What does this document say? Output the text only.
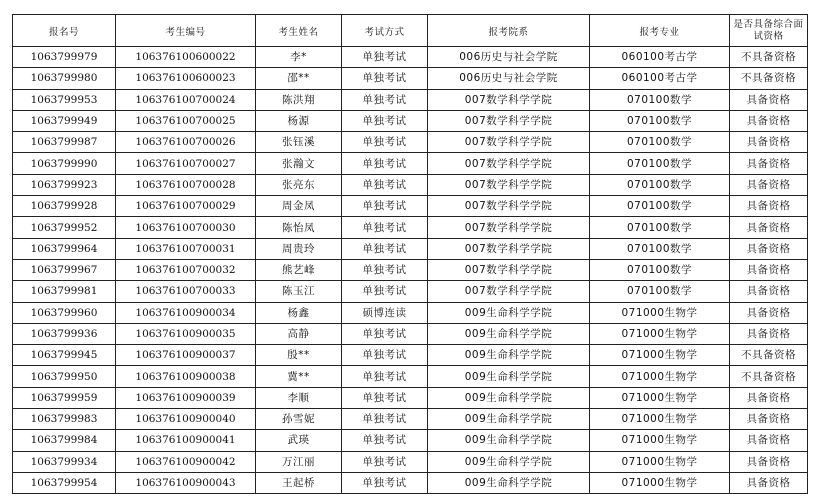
报名号	考生编号	考生姓名	考试方式	报考院系	报考专业	是否具备综合面试资格
1063799979	106376100600022	李*	单独考试	006历史与社会学院	060100考古学	不具备资格
1063799980	106376100600023	邵**	单独考试	006历史与社会学院	060100考古学	不具备资格
1063799953	106376100700024	陈洪翔	单独考试	007数学科学学院	070100数学	具备资格
1063799949	106376100700025	杨源	单独考试	007数学科学学院	070100数学	具备资格
1063799987	106376100700026	张钰溪	单独考试	007数学科学学院	070100数学	具备资格
1063799990	106376100700027	张瀚文	单独考试	007数学科学学院	070100数学	具备资格
1063799923	106376100700028	张亮东	单独考试	007数学科学学院	070100数学	具备资格
1063799928	106376100700029	周金凤	单独考试	007数学科学学院	070100数学	具备资格
1063799952	106376100700030	陈怡凤	单独考试	007数学科学学院	070100数学	具备资格
1063799964	106376100700031	周贵玲	单独考试	007数学科学学院	070100数学	具备资格
1063799967	106376100700032	熊艺峰	单独考试	007数学科学学院	070100数学	具备资格
1063799981	106376100700033	陈玉江	单独考试	007数学科学学院	070100数学	具备资格
1063799960	106376100900034	杨鑫	硕博连读	009生命科学学院	071000生物学	具备资格
1063799936	106376100900035	高静	单独考试	009生命科学学院	071000生物学	具备资格
1063799945	106376100900037	殷**	单独考试	009生命科学学院	071000生物学	不具备资格
1063799950	106376100900038	冀**	单独考试	009生命科学学院	071000生物学	不具备资格
1063799959	106376100900039	李顺	单独考试	009生命科学学院	071000生物学	具备资格
1063799983	106376100900040	孙雪妮	单独考试	009生命科学学院	071000生物学	具备资格
1063799984	106376100900041	武瑛	单独考试	009生命科学学院	071000生物学	具备资格
1063799934	106376100900042	万江丽	单独考试	009生命科学学院	071000生物学	具备资格
1063799954	106376100900043	王起桥	单独考试	009生命科学学院	071000生物学	具备资格
